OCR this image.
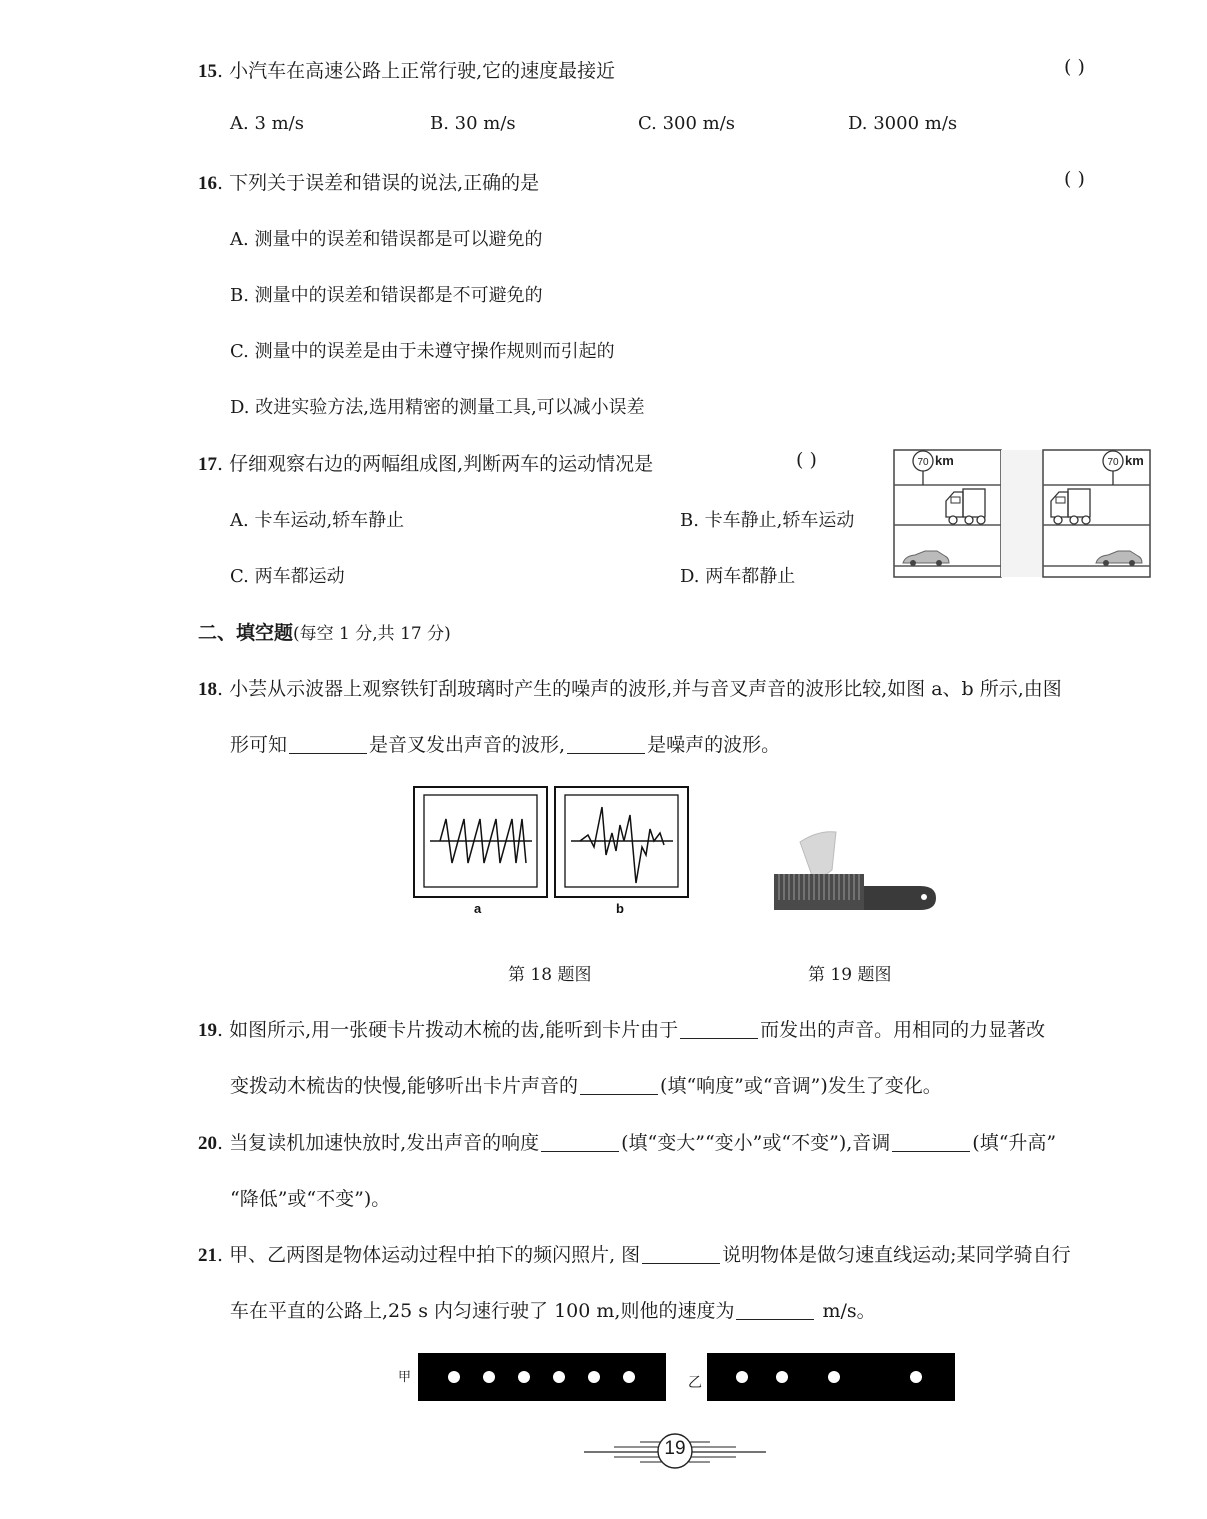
15. 小汽车在高速公路上正常行驶,它的速度最接近	( )
A. 3 m/s	B. 30 m/s	C. 300 m/s	D. 3000 m/s
16. 下列关于误差和错误的说法,正确的是	( )
A. 测量中的误差和错误都是可以避免的
B. 测量中的误差和错误都是不可避免的
C. 测量中的误差是由于未遵守操作规则而引起的
D. 改进实验方法,选用精密的测量工具,可以减小误差
17. 仔细观察右边的两幅组成图,判断两车的运动情况是	( )
A. 卡车运动,轿车静止	B. 卡车静止,轿车运动
C. 两车都运动	D. 两车都静止
70 km	70 km
二、填空题(每空 1 分,共 17 分)
18. 小芸从示波器上观察铁钉刮玻璃时产生的噪声的波形,并与音叉声音的波形比较,如图 a、b 所示,由图
形可知	是音叉发出声音的波形,	是噪声的波形。
a	b
第 18 题图	第 19 题图
19. 如图所示,用一张硬卡片拨动木梳的齿,能听到卡片由于	而发出的声音。用相同的力显著改
变拨动木梳齿的快慢,能够听出卡片声音的	(填“响度”或“音调”)发生了变化。
20. 当复读机加速快放时,发出声音的响度	(填“变大”“变小”或“不变”),音调	(填“升高”
“降低”或“不变”)。
21. 甲、乙两图是物体运动过程中拍下的频闪照片, 图	说明物体是做匀速直线运动;某同学骑自行
车在平直的公路上,25 s 内匀速行驶了 100 m,则他的速度为	m/s。
甲	乙
19
